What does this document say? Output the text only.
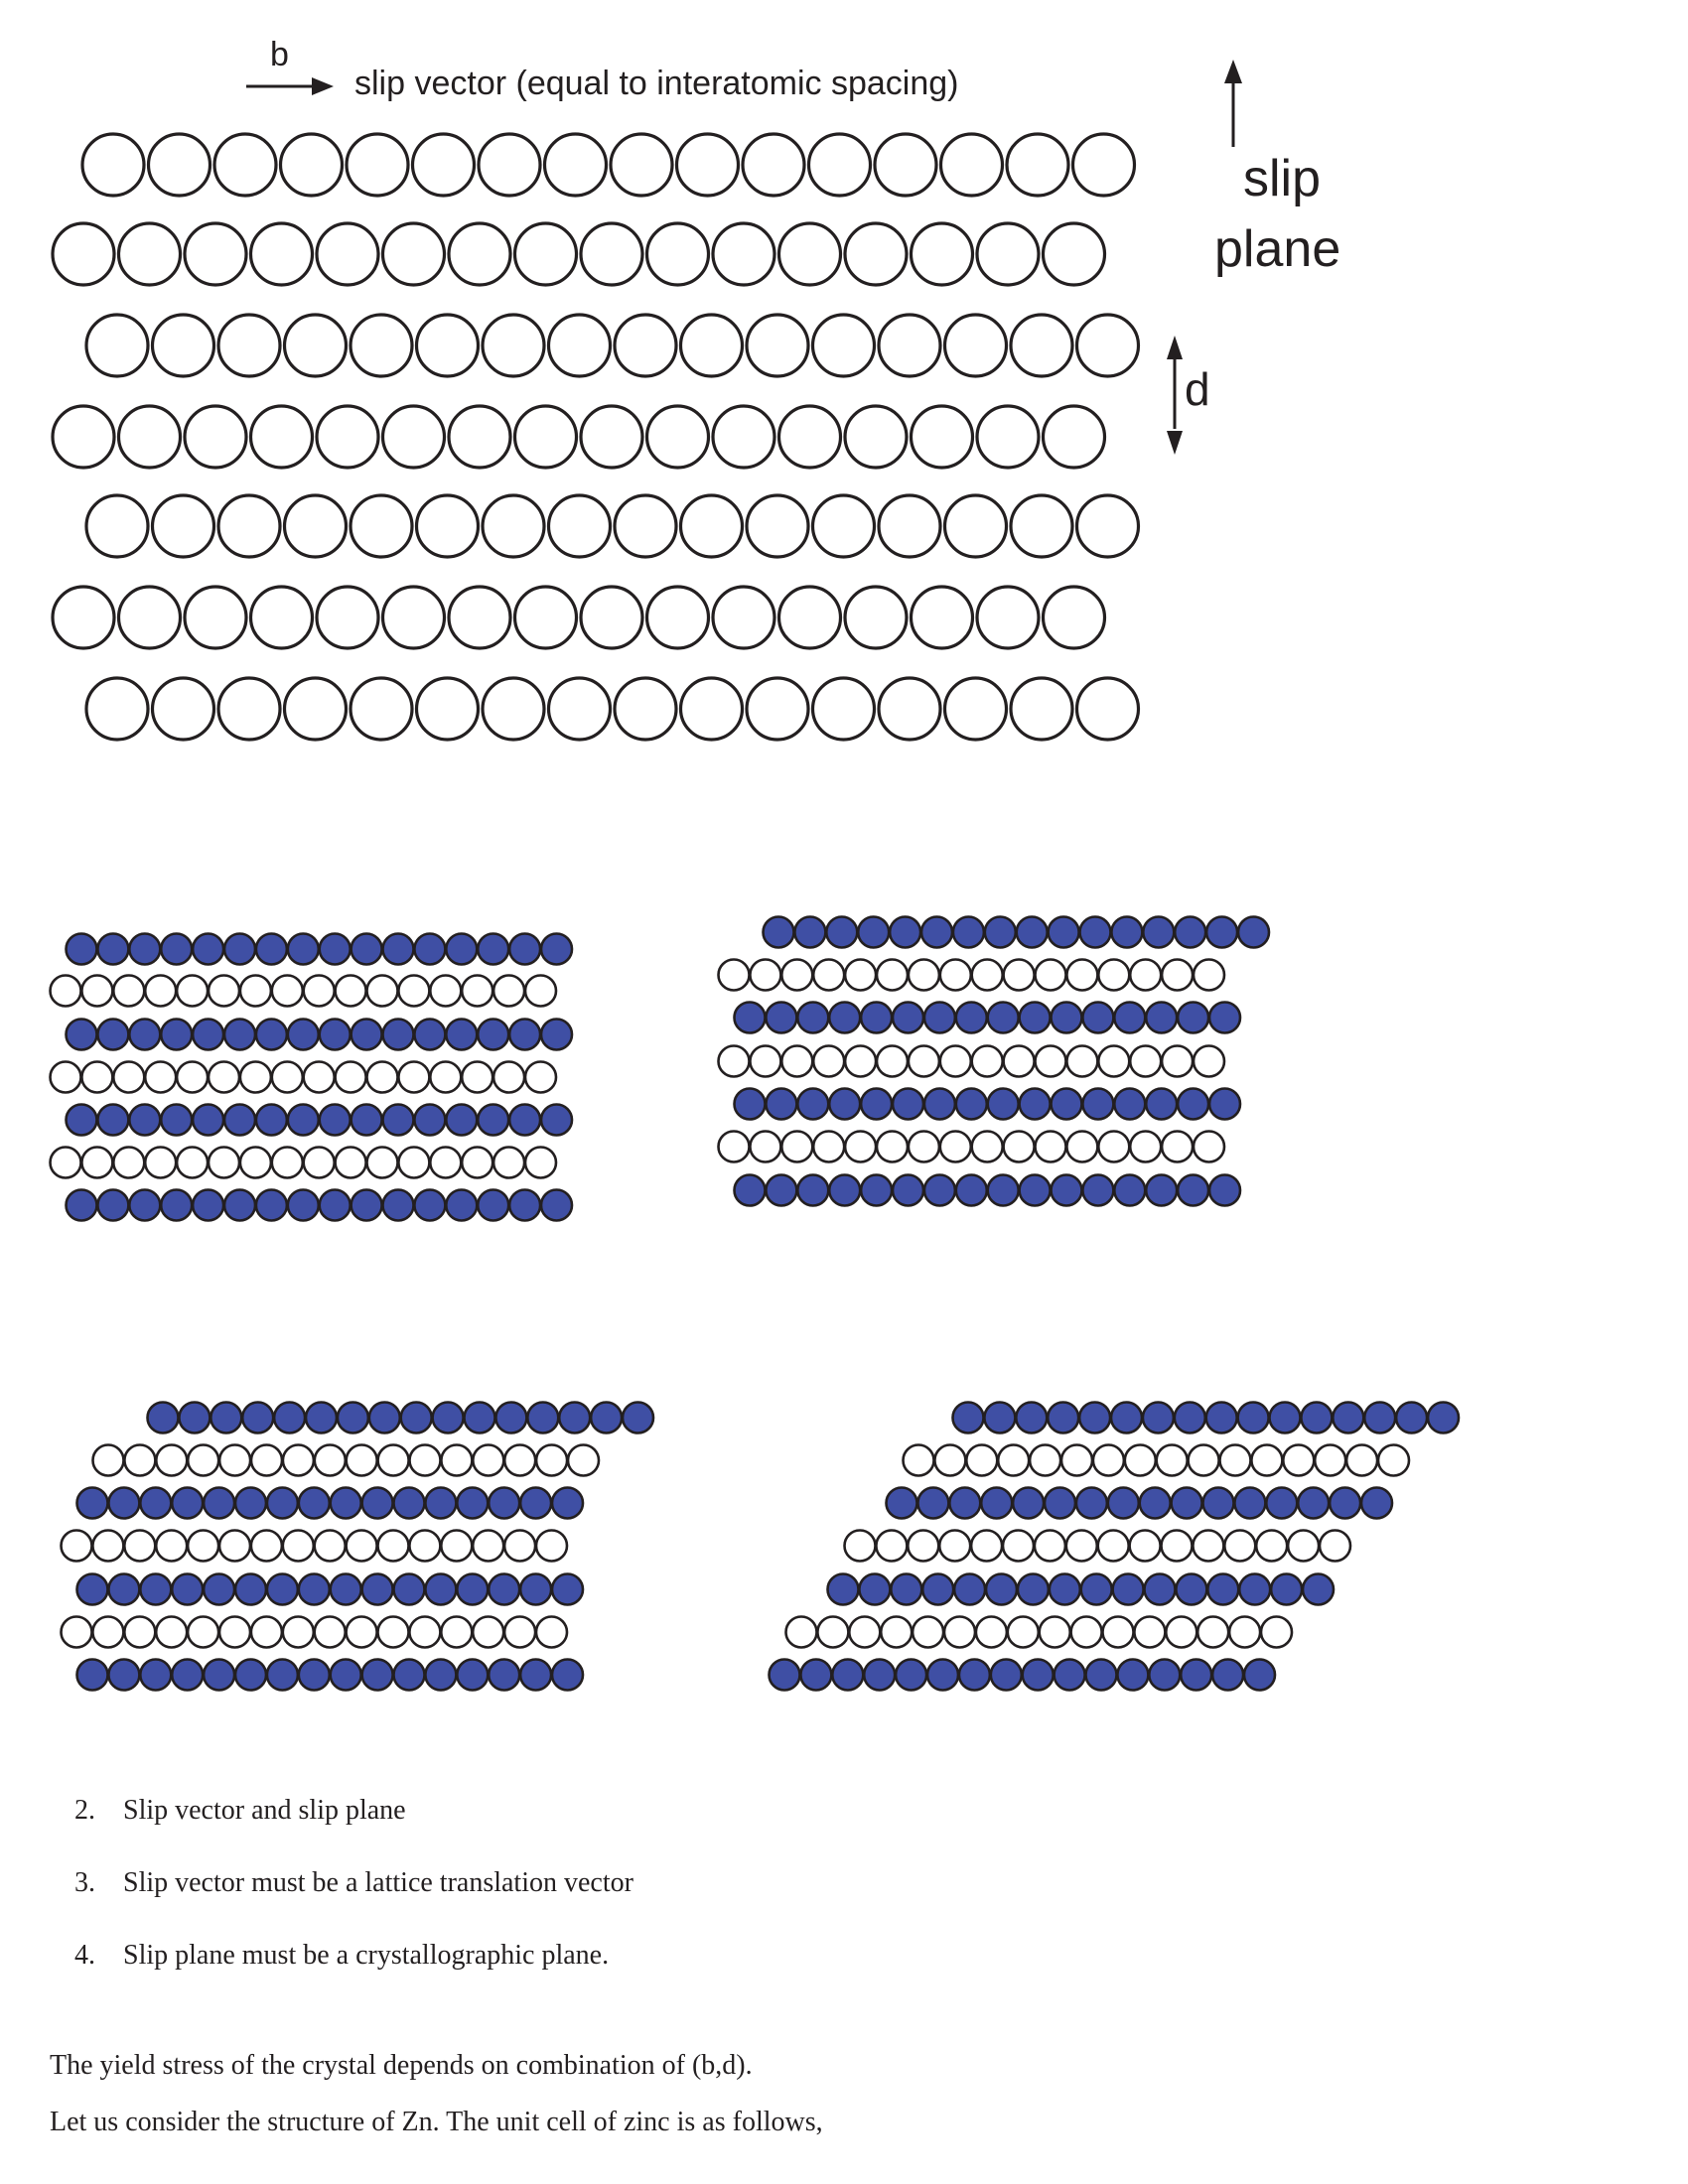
b
slip vector (equal to interatomic spacing)
slip
plane
d
2. Slip vector and slip plane
3. Slip vector must be a lattice translation vector
4. Slip plane must be a crystallographic plane.
The yield stress of the crystal depends on combination of (b,d).
Let us consider the structure of Zn. The unit cell of zinc is as follows,
